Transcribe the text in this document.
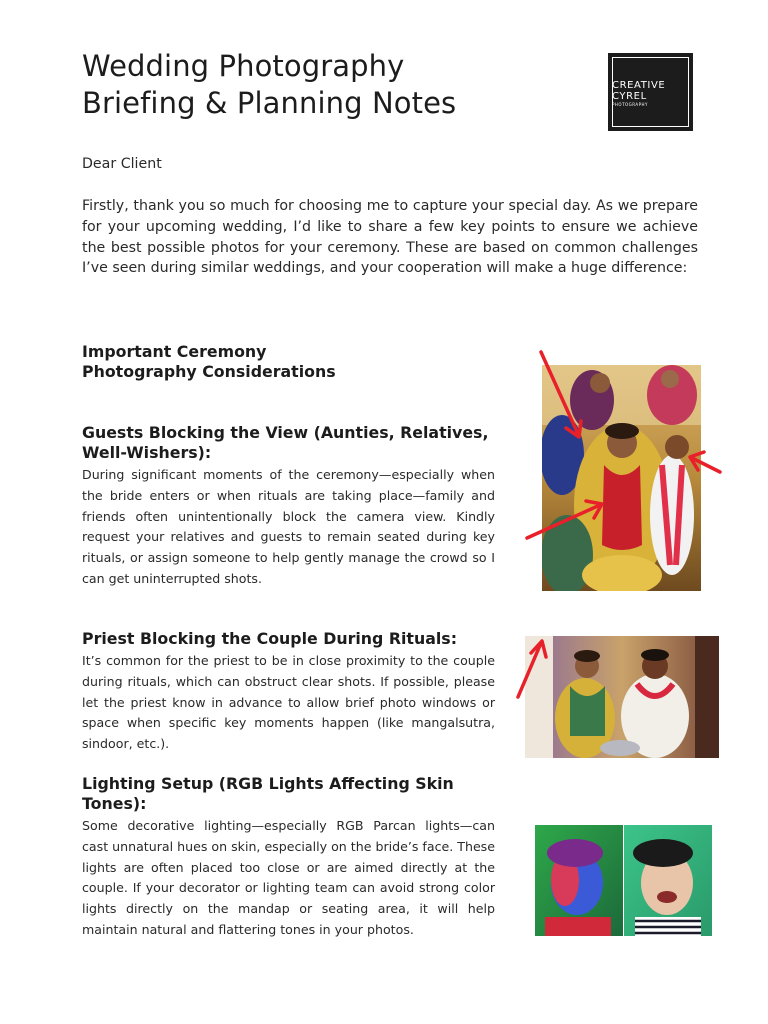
Wedding Photography
Briefing & Planning Notes
CREATIVE
CYREL
PHOTOGRAPHY

Dear Client

Firstly, thank you so much for choosing me to capture your special day. As we prepare for your upcoming wedding, I’d like to share a few key points to ensure we achieve the best possible photos for your ceremony. These are based on common challenges I’ve seen during similar weddings, and your cooperation will make a huge difference:

Important Ceremony
Photography Considerations
Guests Blocking the View (Aunties, Relatives, Well-Wishers):

During significant moments of the ceremony—especially when the bride enters or when rituals are taking place—family and friends often unintentionally block the camera view. Kindly request your relatives and guests to remain seated during key rituals, or assign someone to help gently manage the crowd so I can get uninterrupted shots.

Priest Blocking the Couple During Rituals:

It’s common for the priest to be in close proximity to the couple during rituals, which can obstruct clear shots. If possible, please let the priest know in advance to allow brief photo windows or space when specific key moments happen (like mangalsutra, sindoor, etc.).

Lighting Setup (RGB Lights Affecting Skin Tones):

Some decorative lighting—especially RGB Parcan lights—can cast unnatural hues on skin, especially on the bride’s face. These lights are often placed too close or are aimed directly at the couple. If your decorator or lighting team can avoid strong color lights directly on the mandap or seating area, it will help maintain natural and flattering tones in your photos.
